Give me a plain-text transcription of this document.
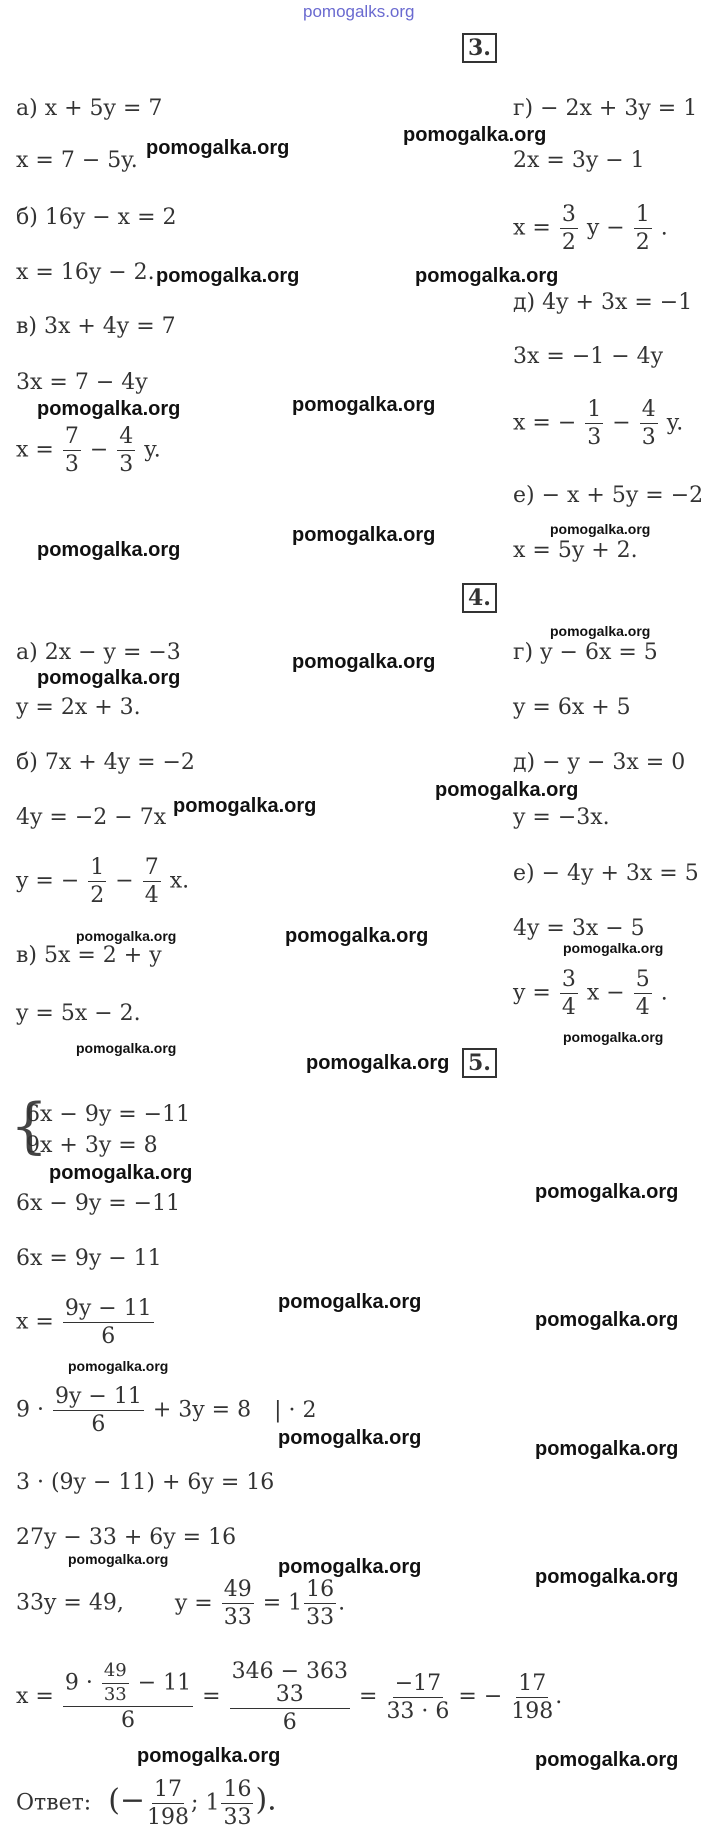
pomogalks.org
3.
а) x + 5y = 7
x = 7 − 5y.
б) 16y − x = 2
x = 16y − 2.
в) 3x + 4y = 7
3x = 7 − 4y
$x = \frac{7}{3} - \frac{4}{3} y$.
г) − 2x + 3y = 1
2x = 3y − 1
$x = \frac{3}{2}$ $y - \frac{1}{2}$ .
д) 4y + 3x = −1
3x = −1 − 4y
x = − $\frac{1}{3} - \frac{4}{3} y$.
е) − x + 5y = −2
x = 5y + 2.
4.
а) 2x − y = −3
y = 2x + 3.
б) 7x + 4y = −2
4y = −2 − 7x
y = − $\frac{1}{2} - \frac{7}{4} x$.
в) 5x = 2 + y
y = 5x − 2.
г) y − 6x = 5
y = 6x + 5
д) − y − 3x = 0
y = −3x.
е) − 4y + 3x = 5
4y = 3x − 5
$y = \frac{3}{4}$ $x - \frac{5}{4}$ .
5.
{
6x − 9y = −11
9x + 3y = 8
6x − 9y = −11
6x = 9y − 11
$x = \frac{9y - 11}{6}$
$9 \cdot \frac{9y - 11}{6} + 3y = 8$ | · 2
3 · (9y − 11) + 6y = 16
27y − 33 + 6y = 16
33y = 49, $y = \frac{49}{33} = 1 \frac{16}{33}$ .
$x = \frac{9 \cdot \frac{49}{33} - 11}{6} = 346 - 363$
33
$6 = \frac{-17}{33 \cdot 6}$ = − $\frac{17}{198}$ .
Ответ: (− $\frac{17}{198}$ ; $1 \frac{16}{33}$ ).
pomogalka.org
pomogalka.org
pomogalka.org	pomogalka.org
pomogalka.org	pomogalka.org
pomogalka.org
pomogalka.org	pomogalka.org
pomogalka.org
pomogalka.org
pomogalka.org
pomogalka.org
pomogalka.org
pomogalka.org	pomogalka.org
pomogalka.org
pomogalka.org
pomogalka.org
pomogalka.org
pomogalka.org
pomogalka.org
pomogalka.org
pomogalka.org
pomogalka.org
pomogalka.org	pomogalka.org
pomogalka.org	pomogalka.org	pomogalka.org
pomogalka.org	pomogalka.org
